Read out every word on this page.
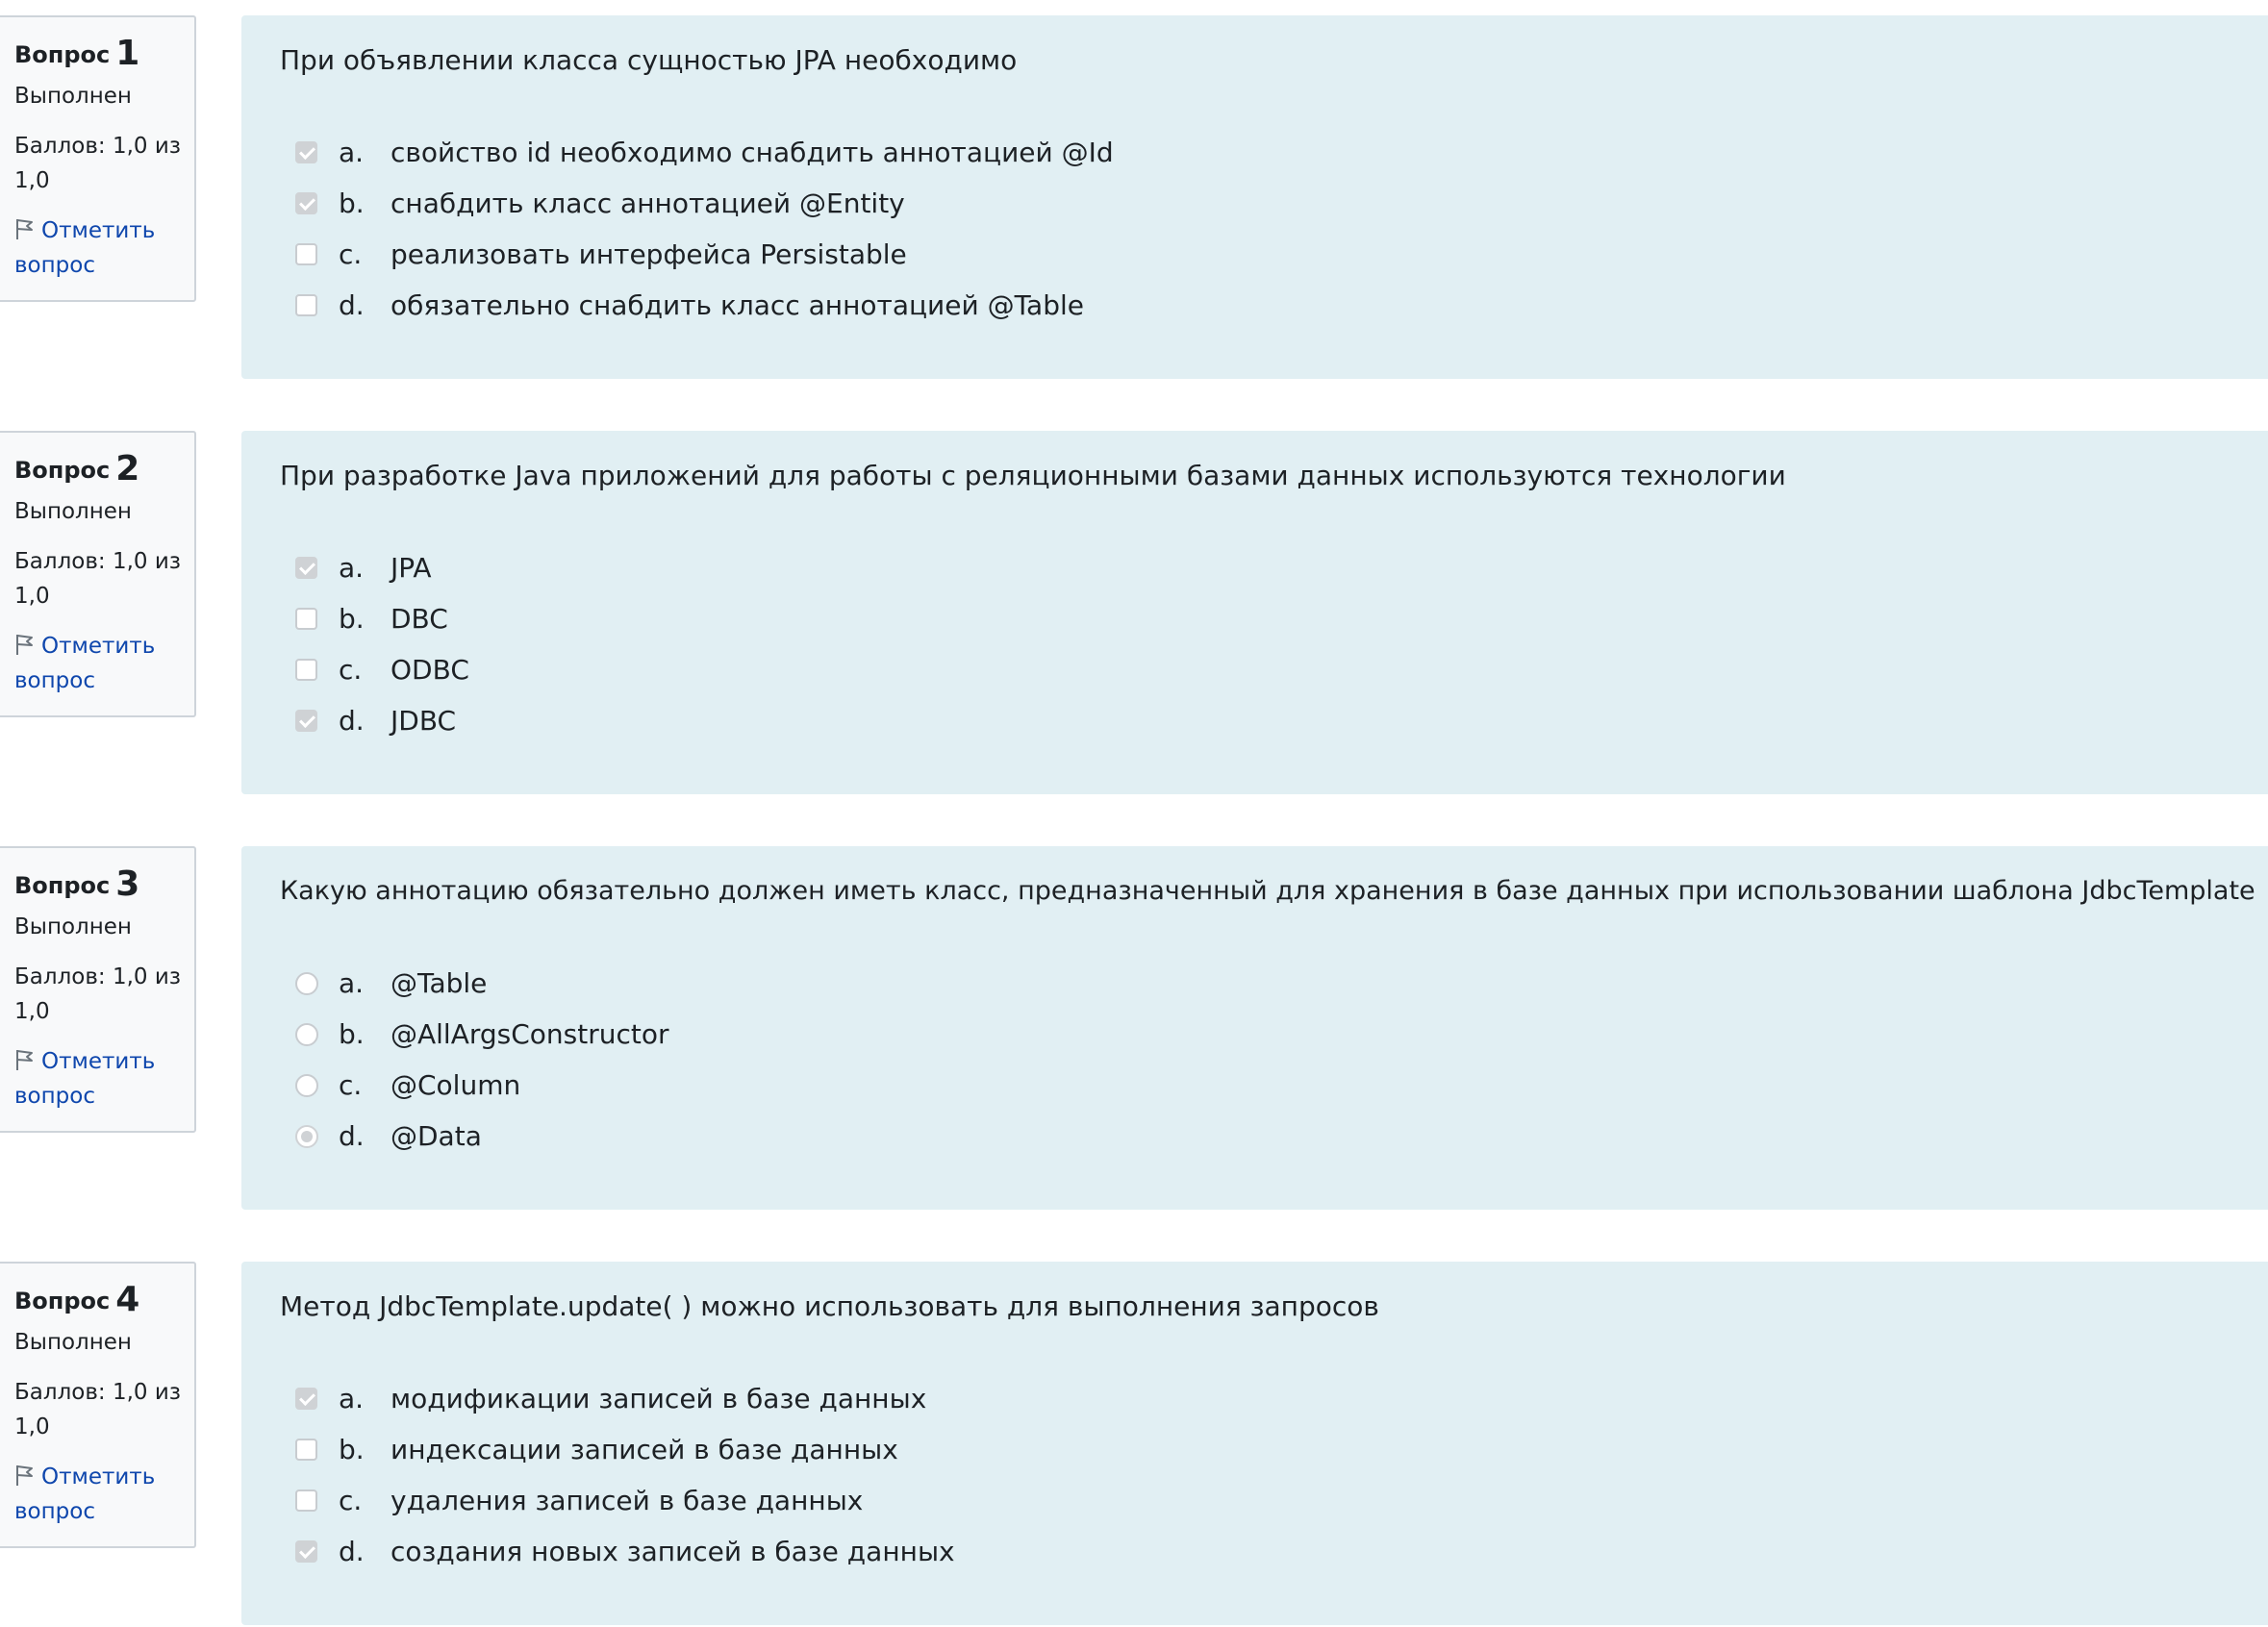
Вопрос 1
Выполнен
Баллов: 1,0 из 1,0
Отметить вопрос
При объявлении класса сущностью JPA необходимо
a. свойство id необходимо снабдить аннотацией @Id
b. снабдить класс аннотацией @Entity
c. реализовать интерфейса Persistable
d. обязательно снабдить класс аннотацией @Table
Вопрос 2
Выполнен
Баллов: 1,0 из 1,0
Отметить вопрос
При разработке Java приложений для работы с реляционными базами данных используются технологии
a. JPA
b. DBC
c. ODBC
d. JDBC
Вопрос 3
Выполнен
Баллов: 1,0 из 1,0
Отметить вопрос
Какую аннотацию обязательно должен иметь класс, предназначенный для хранения в базе данных при использовании шаблона JdbcTemplate
a. @Table
b. @AllArgsConstructor
c. @Column
d. @Data
Вопрос 4
Выполнен
Баллов: 1,0 из 1,0
Отметить вопрос
Метод JdbcTemplate.update( ) можно использовать для выполнения запросов
a. модификации записей в базе данных
b. индексации записей в базе данных
c. удаления записей в базе данных
d. создания новых записей в базе данных
